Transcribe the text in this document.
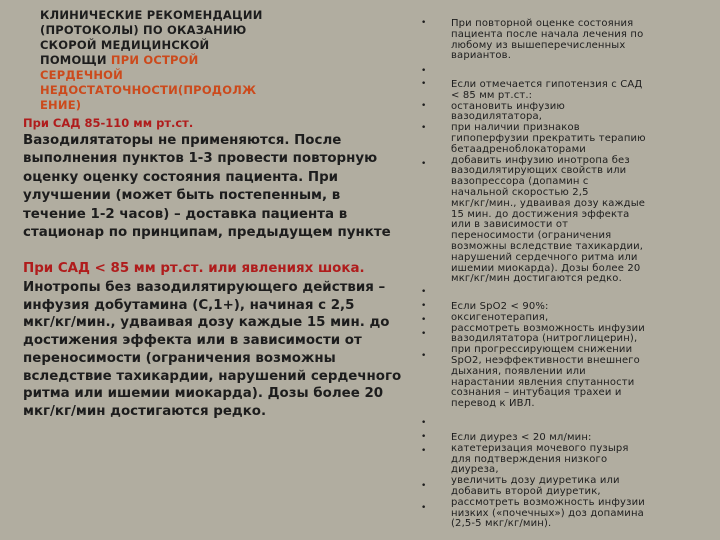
КЛИНИЧЕСКИЕ РЕКОМЕНДАЦИИ
(ПРОТОКОЛЫ) ПО ОКАЗАНИЮ
СКОРОЙ МЕДИЦИНСКОЙ
ПОМОЩИ ПРИ ОСТРОЙ
СЕРДЕЧНОЙ
НЕДОСТАТОЧНОСТИ(ПРОДОЛЖ
ЕНИЕ)
При САД 85-110 мм рт.ст.
Вазодилятаторы не применяются. После
выполнения пунктов 1-3 провести повторную
оценку оценку состояния пациента. При
улучшении (может быть постепенным, в
течение 1-2 часов) – доставка пациента в
стационар по принципам, предыдущем пункте
При САД < 85 мм рт.ст. или явлениях шока.
Инотропы без вазодилятирующего действия –
инфузия добутамина (С,1+), начиная с 2,5
мкг/кг/мин., удваивая дозу каждые 15 мин. до
достижения эффекта или в зависимости от
переносимости (ограничения возможны
вследствие тахикардии, нарушений сердечного
ритма или ишемии миокарда). Дозы более 20
мкг/кг/мин достигаются редко.
При повторной оценке состояния
пациента после начала лечения по
любому из вышеперечисленных
вариантов.
•
Если отмечается гипотензия с САД
< 85 мм рт.ст.:
остановить инфузию
вазодилятатора,
при наличии признаков
гипоперфузии прекратить терапию
бетаадреноблокаторами
добавить инфузию инотропа без
вазодилятирующих свойств или
вазопрессора (допамин с
начальной скоростью 2,5
мкг/кг/мин., удваивая дозу каждые
15 мин. до достижения эффекта
или в зависимости от
переносимости (ограничения
возможны вследствие тахикардии,
нарушений сердечного ритма или
ишемии миокарда). Дозы более 20
мкг/кг/мин достигаются редко.
•
•
•
•
•
Если SpO2 < 90%:
оксигенотерапия,
рассмотреть возможность инфузии
вазодилятатора (нитроглицерин),
при прогрессирующем снижении
SpO2, неэффективности внешнего
дыхания, появлении или
нарастании явления спутанности
сознания – интубация трахеи и
перевод к ИВЛ.
•
•
•
•
•
Если диурез < 20 мл/мин:
катетеризация мочевого пузыря
для подтверждения низкого
диуреза,
увеличить дозу диуретика или
добавить второй диуретик,
рассмотреть возможность инфузии
низких («почечных») доз допамина
(2,5-5 мкг/кг/мин).
•
•
•
•
•
